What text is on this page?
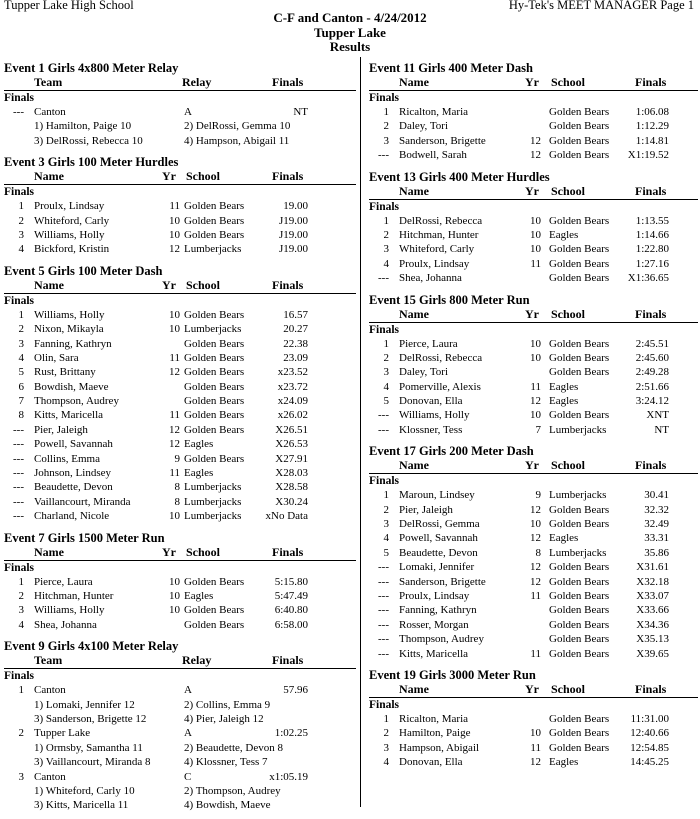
Tupper Lake High School	Hy-Tek's MEET MANAGER Page 1
C-F and Canton - 4/24/2012
Tupper Lake
Results
Event 1 Girls 4x800 Meter Relay
Team	Relay	Finals
Finals
--- Canton	A	NT
1) Hamilton, Paige 10	2) DelRossi, Gemma 10
3) DelRossi, Rebecca 10	4) Hampson, Abigail 11
Event 3 Girls 100 Meter Hurdles
Name	Yr School	Finals
Finals
1 Proulx, Lindsay	11 Golden Bears	19.00
2 Whiteford, Carly	10 Golden Bears	J19.00
3 Williams, Holly	10 Golden Bears	J19.00
4 Bickford, Kristin	12 Lumberjacks	J19.00
Event 5 Girls 100 Meter Dash
Name	Yr School	Finals
Finals
1 Williams, Holly	10 Golden Bears	16.57
2 Nixon, Mikayla	10 Lumberjacks	20.27
3 Fanning, Kathryn	Golden Bears	22.38
4 Olin, Sara	11 Golden Bears	23.09
5 Rust, Brittany	12 Golden Bears	x23.52
6 Bowdish, Maeve	Golden Bears	x23.72
7 Thompson, Audrey	Golden Bears	x24.09
8 Kitts, Maricella	11 Golden Bears	x26.02
--- Pier, Jaleigh	12 Golden Bears	X26.51
--- Powell, Savannah	12 Eagles	X26.53
--- Collins, Emma	9 Golden Bears	X27.91
--- Johnson, Lindsey	11 Eagles	X28.03
--- Beaudette, Devon	8 Lumberjacks	X28.58
--- Vaillancourt, Miranda	8 Lumberjacks	X30.24
--- Charland, Nicole	10 Lumberjacks	xNo Data
Event 7 Girls 1500 Meter Run
Name	Yr School	Finals
Finals
1 Pierce, Laura	10 Golden Bears	5:15.80
2 Hitchman, Hunter	10 Eagles	5:47.49
3 Williams, Holly	10 Golden Bears	6:40.80
4 Shea, Johanna	Golden Bears	6:58.00
Event 9 Girls 4x100 Meter Relay
Team	Relay	Finals
Finals
1 Canton	A	57.96
1) Lomaki, Jennifer 12	2) Collins, Emma 9
3) Sanderson, Brigette 12	4) Pier, Jaleigh 12
2 Tupper Lake	A	1:02.25
1) Ormsby, Samantha 11	2) Beaudette, Devon 8
3) Vaillancourt, Miranda 8	4) Klossner, Tess 7
3 Canton	C	x1:05.19
1) Whiteford, Carly 10	2) Thompson, Audrey
3) Kitts, Maricella 11	4) Bowdish, Maeve
Event 11 Girls 400 Meter Dash
Name	Yr School	Finals
Finals
1 Ricalton, Maria	Golden Bears	1:06.08
2 Daley, Tori	Golden Bears	1:12.29
3 Sanderson, Brigette	12 Golden Bears	1:14.81
--- Bodwell, Sarah	12 Golden Bears	X1:19.52
Event 13 Girls 400 Meter Hurdles
Name	Yr School	Finals
Finals
1 DelRossi, Rebecca	10 Golden Bears	1:13.55
2 Hitchman, Hunter	10 Eagles	1:14.66
3 Whiteford, Carly	10 Golden Bears	1:22.80
4 Proulx, Lindsay	11 Golden Bears	1:27.16
--- Shea, Johanna	Golden Bears	X1:36.65
Event 15 Girls 800 Meter Run
Name	Yr School	Finals
Finals
1 Pierce, Laura	10 Golden Bears	2:45.51
2 DelRossi, Rebecca	10 Golden Bears	2:45.60
3 Daley, Tori	Golden Bears	2:49.28
4 Pomerville, Alexis	11 Eagles	2:51.66
5 Donovan, Ella	12 Eagles	3:24.12
--- Williams, Holly	10 Golden Bears	XNT
--- Klossner, Tess	7 Lumberjacks	NT
Event 17 Girls 200 Meter Dash
Name	Yr School	Finals
Finals
1 Maroun, Lindsey	9 Lumberjacks	30.41
2 Pier, Jaleigh	12 Golden Bears	32.32
3 DelRossi, Gemma	10 Golden Bears	32.49
4 Powell, Savannah	12 Eagles	33.31
5 Beaudette, Devon	8 Lumberjacks	35.86
--- Lomaki, Jennifer	12 Golden Bears	X31.61
--- Sanderson, Brigette	12 Golden Bears	X32.18
--- Proulx, Lindsay	11 Golden Bears	X33.07
--- Fanning, Kathryn	Golden Bears	X33.66
--- Rosser, Morgan	Golden Bears	X34.36
--- Thompson, Audrey	Golden Bears	X35.13
--- Kitts, Maricella	11 Golden Bears	X39.65
Event 19 Girls 3000 Meter Run
Name	Yr School	Finals
Finals
1 Ricalton, Maria	Golden Bears	11:31.00
2 Hamilton, Paige	10 Golden Bears	12:40.66
3 Hampson, Abigail	11 Golden Bears	12:54.85
4 Donovan, Ella	12 Eagles	14:45.25
